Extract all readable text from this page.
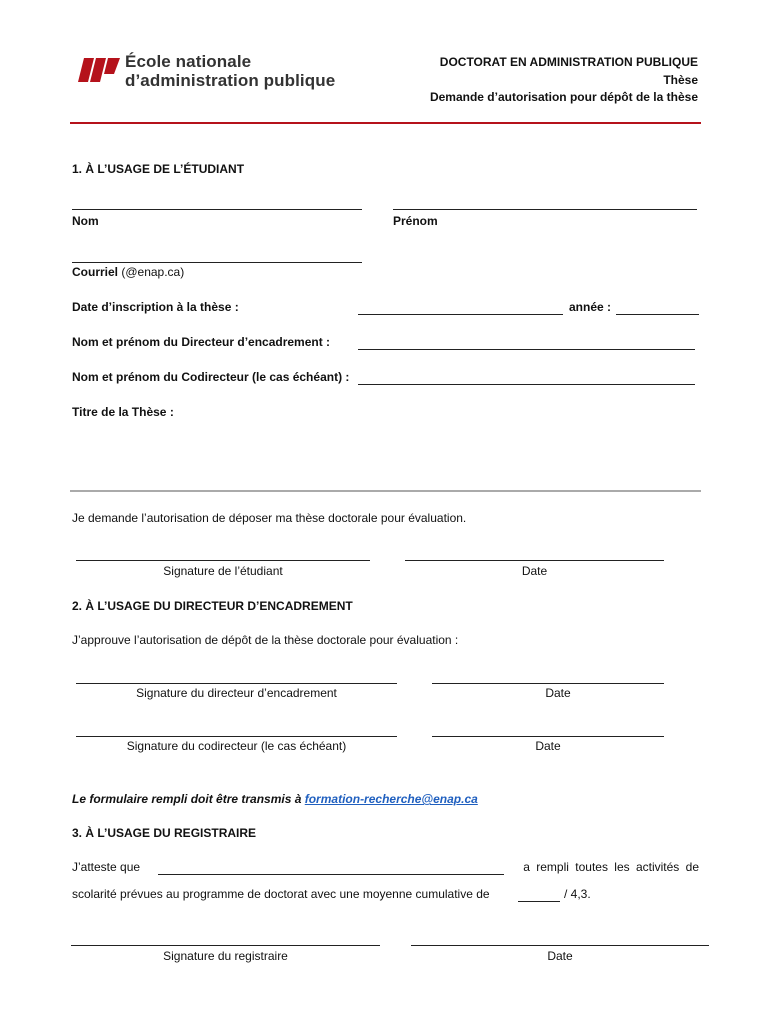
École nationale
d’administration publique
DOCTORAT EN ADMINISTRATION PUBLIQUE
Thèse
Demande d’autorisation pour dépôt de la thèse
1. À L’USAGE DE L’ÉTUDIANT
Nom	Prénom
Courriel (@enap.ca)
Date d’inscription à la thèse :	année :
Nom et prénom du Directeur d’encadrement :
Nom et prénom du Codirecteur (le cas échéant) :
Titre de la Thèse :
Je demande l’autorisation de déposer ma thèse doctorale pour évaluation.
Signature de l’étudiant	Date
2. À L’USAGE DU DIRECTEUR D’ENCADREMENT
J’approuve l’autorisation de dépôt de la thèse doctorale pour évaluation :
Signature du directeur d’encadrement	Date
Signature du codirecteur (le cas échéant)	Date
Le formulaire rempli doit être transmis à formation-recherche@enap.ca
3. À L’USAGE DU REGISTRAIRE
J’atteste que	a rempli toutes les activités de
scolarité prévues au programme de doctorat avec une moyenne cumulative de	/ 4,3.
Signature du registraire	Date
